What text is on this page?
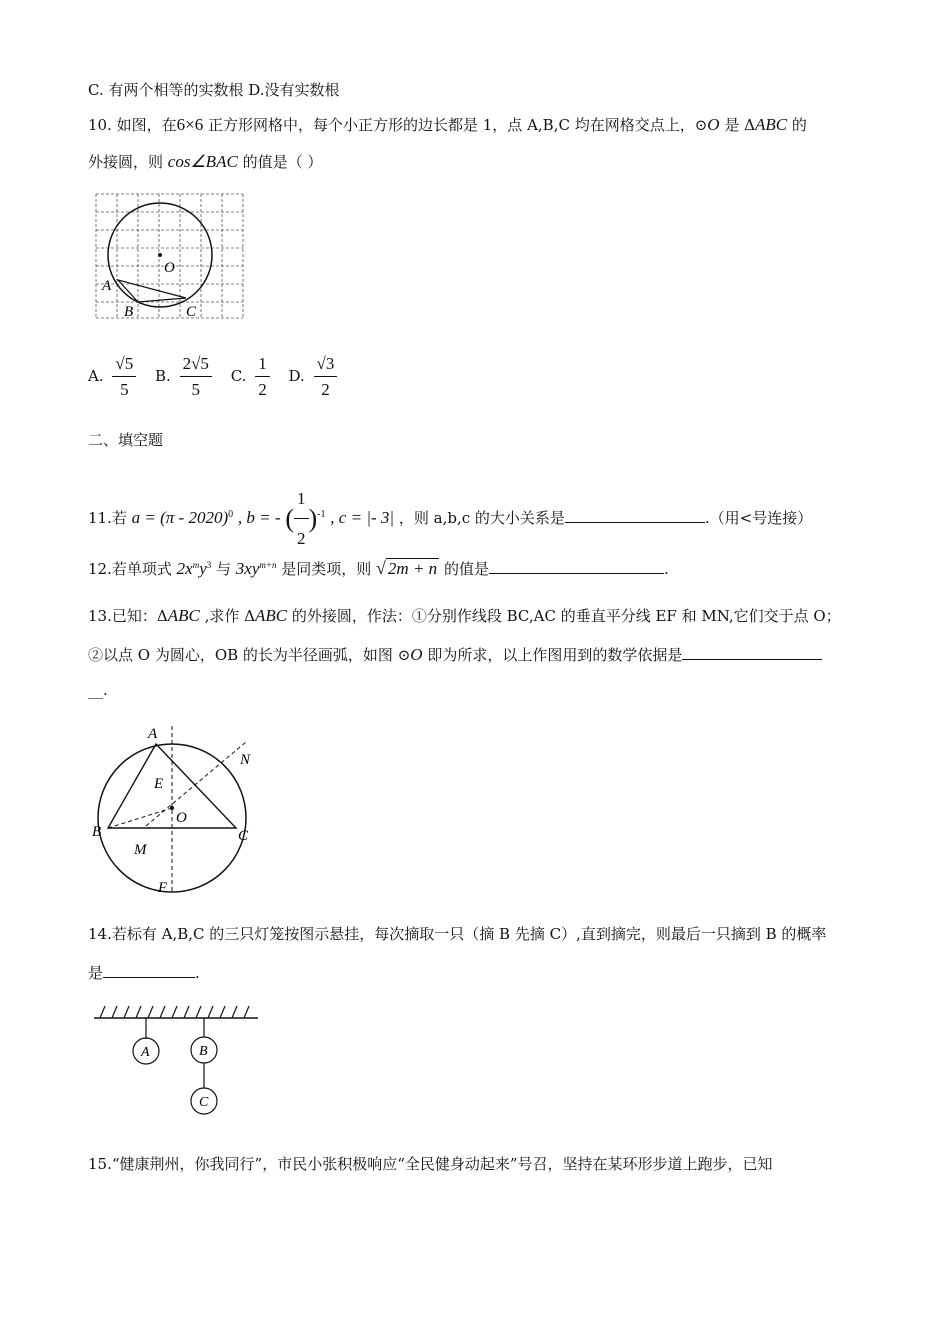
C. 有两个相等的实数根 D.没有实数根
10. 如图，在6×6 正方形网格中，每个小正方形的边长都是 1，点 A,B,C 均在网格交点上，⊙O 是 ΔABC 的
外接圆，则 cos∠BAC 的值是（ ）
O
A
B	C
A. $\frac{√5}{5} B$. $\frac{2√5}{5} C$. $\frac{1}{2} D$. $\frac{√3}{2}$
二、填空题
11.若 a = (π - 2020)$^0$ , b = - ( $\frac{1}{2} )^{-1}$ , c = |- 3| ，则 a,b,c 的大小关系是	.（用<号连接）
12.若单项式 $2x^my^3$ 与 $3xy^{m+n}$ 是同类项，则 √ 2m + n 的值是	.
13.已知：ΔABC ,求作 ΔABC 的外接圆，作法：①分别作线段 BC,AC 的垂直平分线 EF 和 MN,它们交于点 O；
②以点 O 为圆心，OB 的长为半径画弧，如图 ⊙O 即为所求，以上作图用到的数学依据是
__.
A
B	C
O
E
F
M
N
14.若标有 A,B,C 的三只灯笼按图示悬挂，每次摘取一只（摘 B 先摘 C）,直到摘完，则最后一只摘到 B 的概率
是	.
A	B
C
15.“健康荆州，你我同行”，市民小张积极响应“全民健身动起来”号召，坚持在某环形步道上跑步，已知
